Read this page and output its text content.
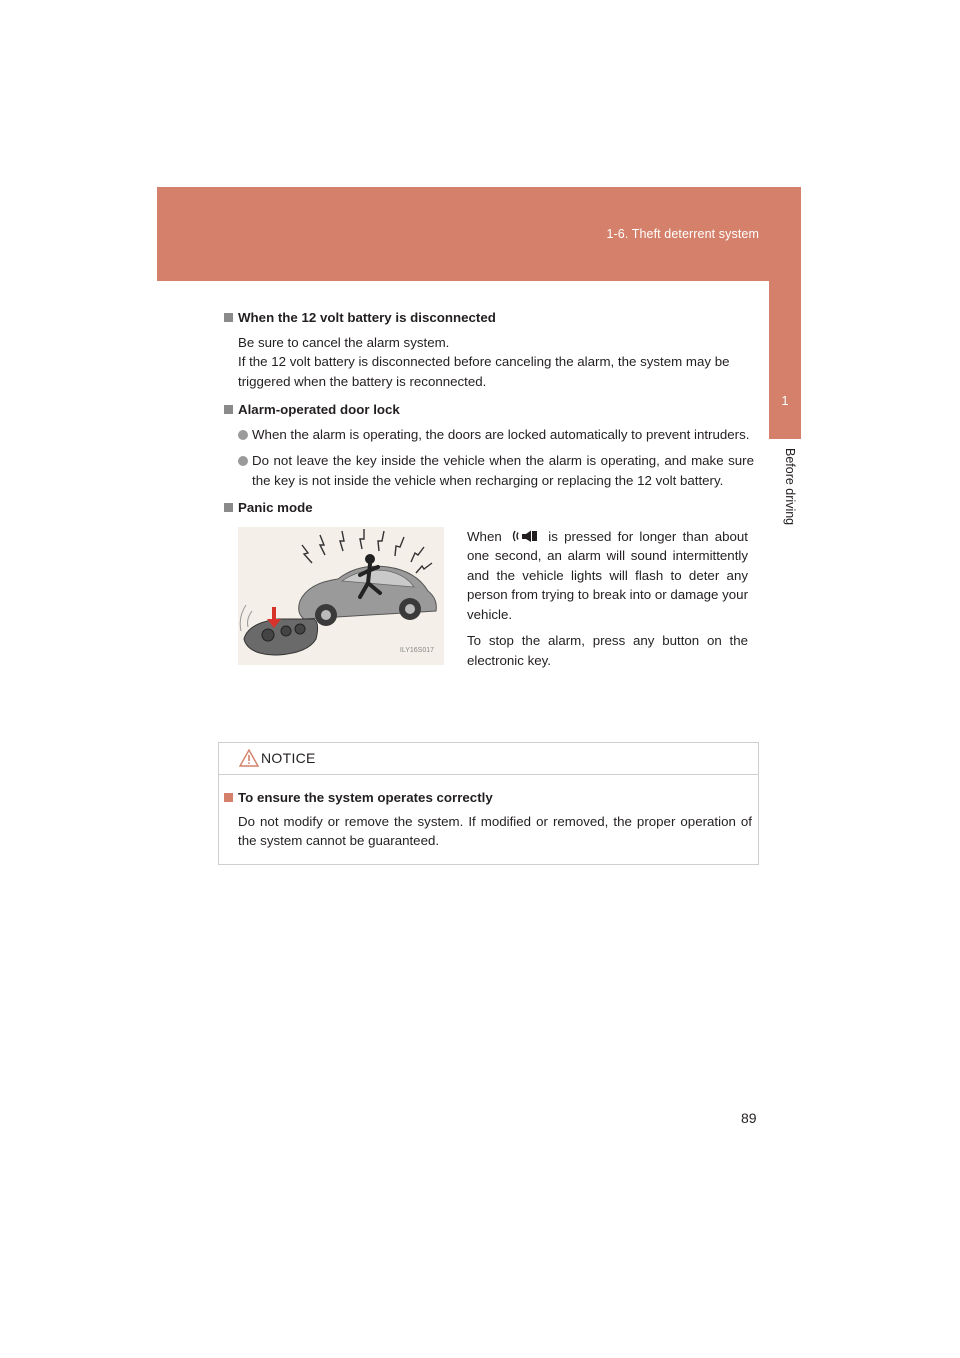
1-6. Theft deterrent system
1
Before driving
When the 12 volt battery is disconnected
Be sure to cancel the alarm system.
If the 12 volt battery is disconnected before canceling the alarm, the system may be triggered when the battery is reconnected.
Alarm-operated door lock
When the alarm is operating, the doors are locked automatically to prevent intruders.
Do not leave the key inside the vehicle when the alarm is operating, and make sure the key is not inside the vehicle when recharging or replacing the 12 volt battery.
Panic mode
ILY16S017

When	is pressed for longer than about one second, an alarm will sound intermittently and the vehicle lights will flash to deter any person from trying to break into or damage your vehicle.

To stop the alarm, press any button on the electronic key.

NOTICE
To ensure the system operates correctly
Do not modify or remove the system. If modified or removed, the proper operation of the system cannot be guaranteed.
89
